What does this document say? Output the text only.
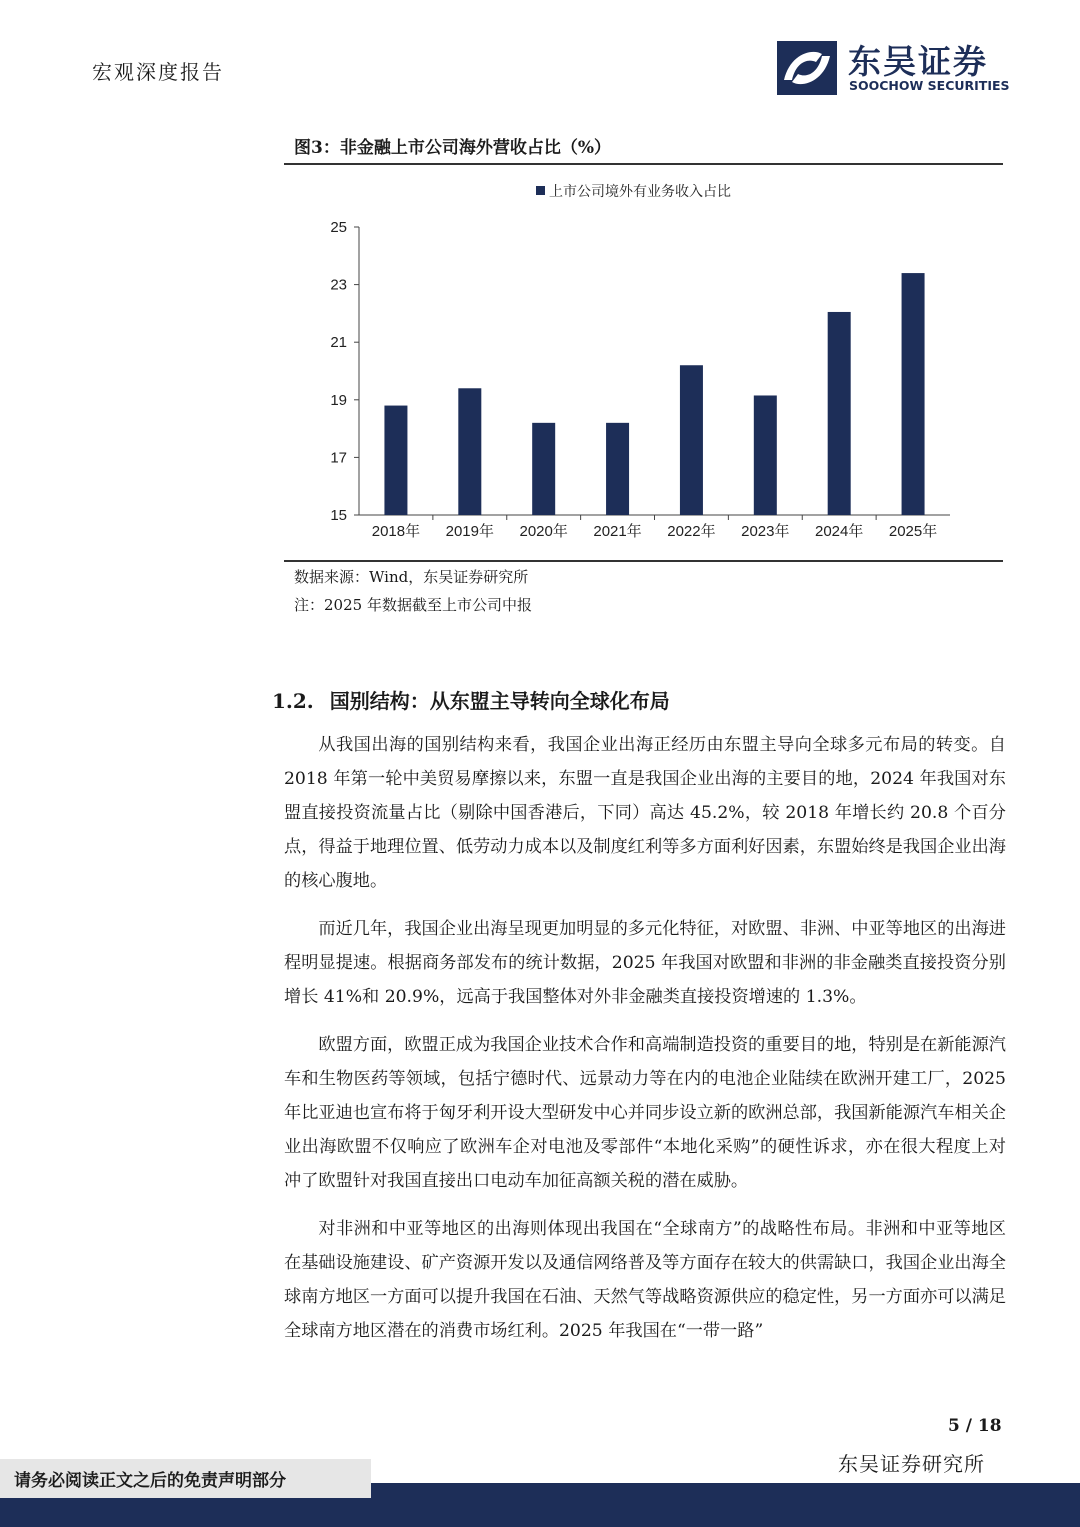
宏观深度报告	东吴证券
SOOCHOW SECURITIES
图3：非金融上市公司海外营收占比（%）
上市公司境外有业务收入占比
15
17
19
21
23
25
2018年 2019年 2020年 2021年 2022年 2023年 2024年 2025年
数据来源：Wind，东吴证券研究所
注：2025 年数据截至上市公司中报
1.2. 国别结构：从东盟主导转向全球化布局

从我国出海的国别结构来看，我国企业出海正经历由东盟主导向全球多元布局的转变。自 2018 年第一轮中美贸易摩擦以来，东盟一直是我国企业出海的主要目的地，2024 年我国对东盟直接投资流量占比（剔除中国香港后，下同）高达 45.2%，较 2018 年增长约 20.8 个百分点，得益于地理位置、低劳动力成本以及制度红利等多方面利好因素，东盟始终是我国企业出海的核心腹地。

而近几年，我国企业出海呈现更加明显的多元化特征，对欧盟、非洲、中亚等地区的出海进程明显提速。根据商务部发布的统计数据，2025 年我国对欧盟和非洲的非金融类直接投资分别增长 41%和 20.9%，远高于我国整体对外非金融类直接投资增速的 1.3%。

欧盟方面，欧盟正成为我国企业技术合作和高端制造投资的重要目的地，特别是在新能源汽车和生物医药等领域，包括宁德时代、远景动力等在内的电池企业陆续在欧洲开建工厂，2025 年比亚迪也宣布将于匈牙利开设大型研发中心并同步设立新的欧洲总部，我国新能源汽车相关企业出海欧盟不仅响应了欧洲车企对电池及零部件“本地化采购”的硬性诉求，亦在很大程度上对冲了欧盟针对我国直接出口电动车加征高额关税的潜在威胁。

对非洲和中亚等地区的出海则体现出我国在“全球南方”的战略性布局。非洲和中亚等地区在基础设施建设、矿产资源开发以及通信网络普及等方面存在较大的供需缺口，我国企业出海全球南方地区一方面可以提升我国在石油、天然气等战略资源供应的稳定性，另一方面亦可以满足全球南方地区潜在的消费市场红利。2025 年我国在“一带一路”

5 / 18
东吴证券研究所
请务必阅读正文之后的免责声明部分
